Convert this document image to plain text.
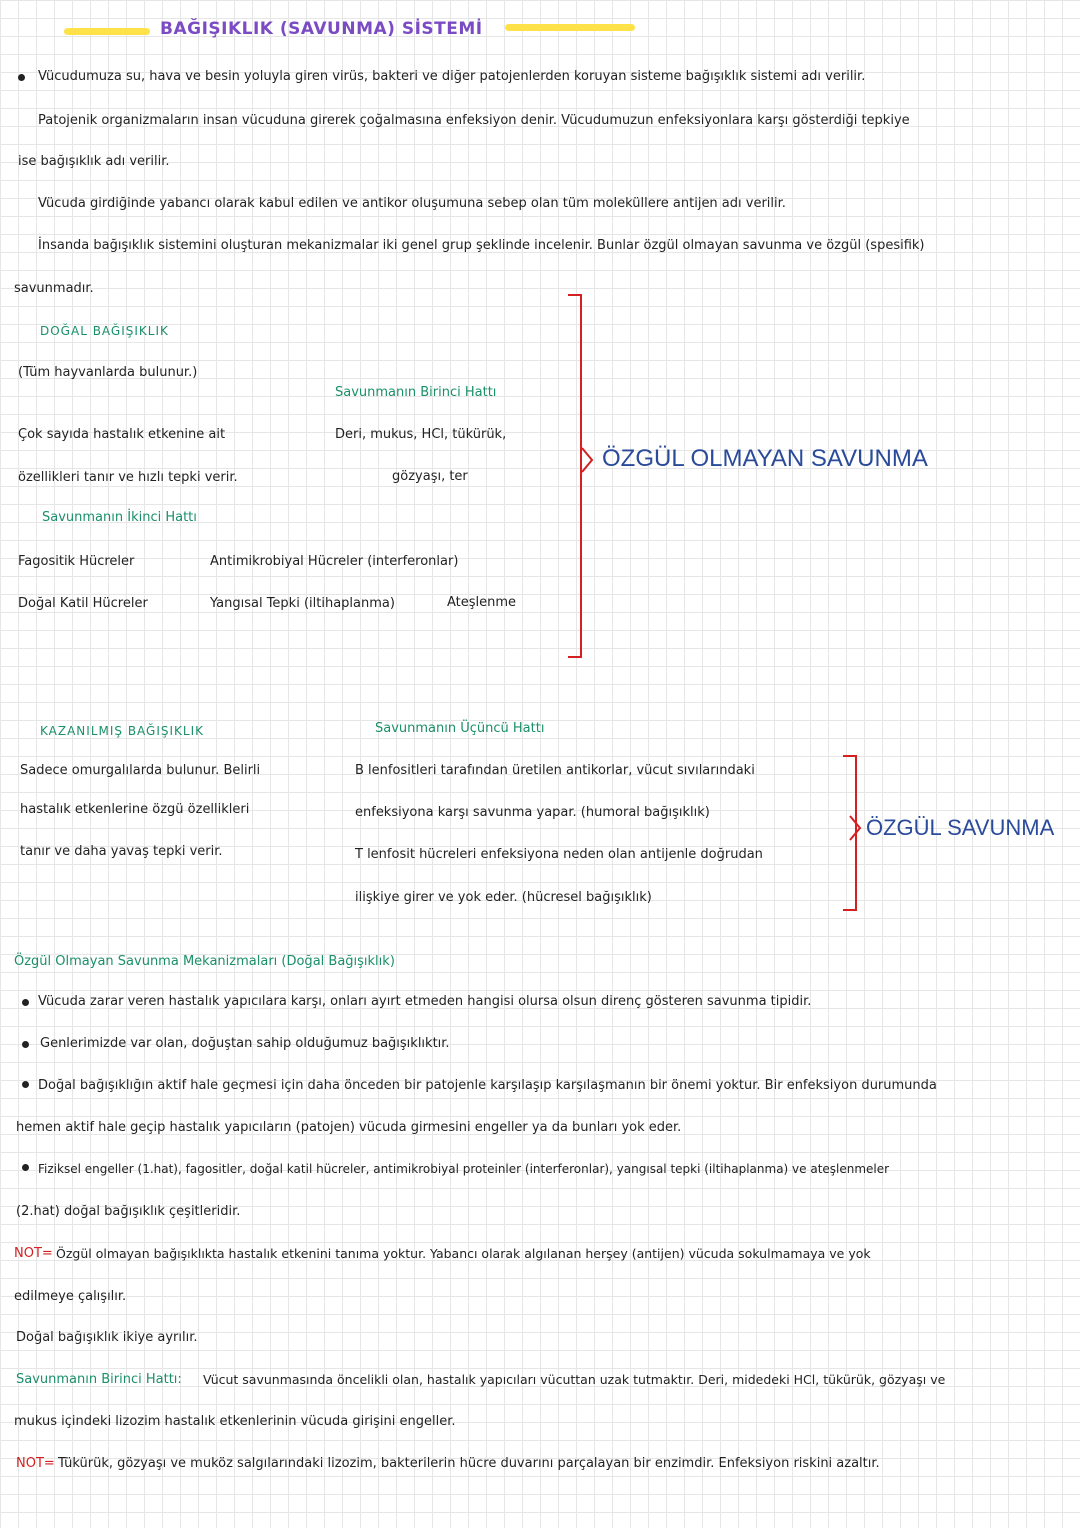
BAĞIŞIKLIK (SAVUNMA) SİSTEMİ
Vücudumuza su, hava ve besin yoluyla giren virüs, bakteri ve diğer patojenlerden koruyan sisteme bağışıklık sistemi adı verilir.
Patojenik organizmaların insan vücuduna girerek çoğalmasına enfeksiyon denir. Vücudumuzun enfeksiyonlara karşı gösterdiği tepkiye
ise bağışıklık adı verilir.
Vücuda girdiğinde yabancı olarak kabul edilen ve antikor oluşumuna sebep olan tüm moleküllere antijen adı verilir.
İnsanda bağışıklık sistemini oluşturan mekanizmalar iki genel grup şeklinde incelenir. Bunlar özgül olmayan savunma ve özgül (spesifik)
savunmadır.
DOĞAL BAĞIŞIKLIK
(Tüm hayvanlarda bulunur.)
Savunmanın Birinci Hattı
Çok sayıda hastalık etkenine ait	Deri, mukus, HCl, tükürük,
özellikleri tanır ve hızlı tepki verir.	gözyaşı, ter
Savunmanın İkinci Hattı
Fagositik Hücreler	Antimikrobiyal Hücreler (interferonlar)
Doğal Katil Hücreler	Yangısal Tepki (iltihaplanma)	Ateşlenme
ÖZGÜL OLMAYAN SAVUNMA
KAZANILMIŞ BAĞIŞIKLIK	Savunmanın Üçüncü Hattı
Sadece omurgalılarda bulunur. Belirli	B lenfositleri tarafından üretilen antikorlar, vücut sıvılarındaki
hastalık etkenlerine özgü özellikleri	enfeksiyona karşı savunma yapar. (humoral bağışıklık)
tanır ve daha yavaş tepki verir.	T lenfosit hücreleri enfeksiyona neden olan antijenle doğrudan
ilişkiye girer ve yok eder. (hücresel bağışıklık)
ÖZGÜL SAVUNMA
Özgül Olmayan Savunma Mekanizmaları (Doğal Bağışıklık)
Vücuda zarar veren hastalık yapıcılara karşı, onları ayırt etmeden hangisi olursa olsun direnç gösteren savunma tipidir.
Genlerimizde var olan, doğuştan sahip olduğumuz bağışıklıktır.
Doğal bağışıklığın aktif hale geçmesi için daha önceden bir patojenle karşılaşıp karşılaşmanın bir önemi yoktur. Bir enfeksiyon durumunda
hemen aktif hale geçip hastalık yapıcıların (patojen) vücuda girmesini engeller ya da bunları yok eder.
Fiziksel engeller (1.hat), fagositler, doğal katil hücreler, antimikrobiyal proteinler (interferonlar), yangısal tepki (iltihaplanma) ve ateşlenmeler
(2.hat) doğal bağışıklık çeşitleridir.
NOT= Özgül olmayan bağışıklıkta hastalık etkenini tanıma yoktur. Yabancı olarak algılanan herşey (antijen) vücuda sokulmamaya ve yok
edilmeye çalışılır.
Doğal bağışıklık ikiye ayrılır.
Savunmanın Birinci Hattı: Vücut savunmasında öncelikli olan, hastalık yapıcıları vücuttan uzak tutmaktır. Deri, midedeki HCl, tükürük, gözyaşı ve
mukus içindeki lizozim hastalık etkenlerinin vücuda girişini engeller.
NOT= Tükürük, gözyaşı ve muköz salgılarındaki lizozim, bakterilerin hücre duvarını parçalayan bir enzimdir. Enfeksiyon riskini azaltır.
